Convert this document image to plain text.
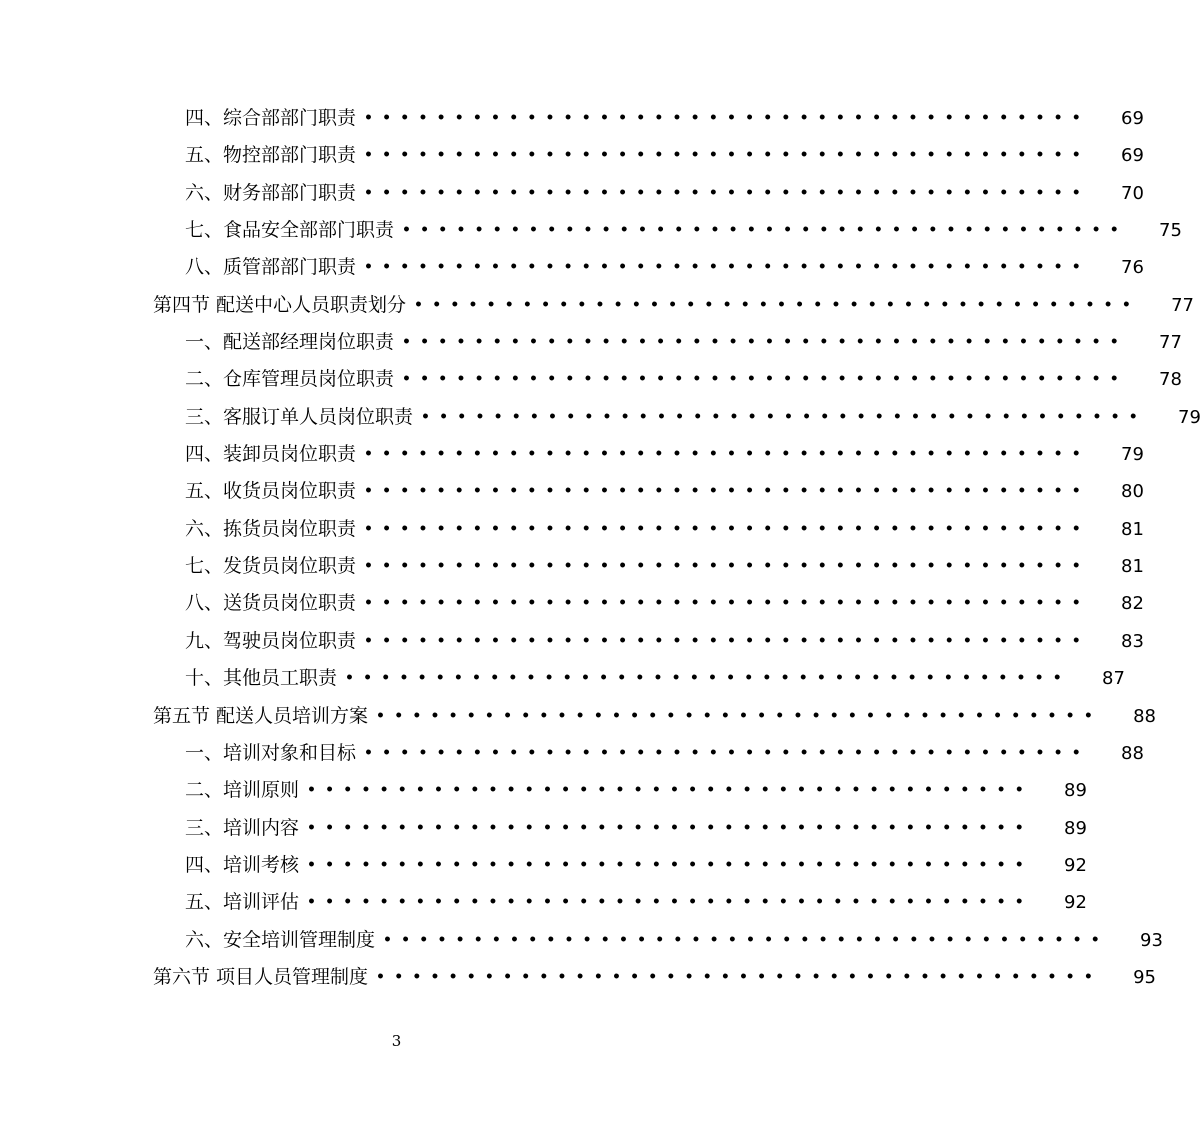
四、综合部部门职责 ••••••••••••••••••••••••••••••••••••••••	69
五、物控部部门职责 ••••••••••••••••••••••••••••••••••••••••	69
六、财务部部门职责 ••••••••••••••••••••••••••••••••••••••••	70
七、食品安全部部门职责 ••••••••••••••••••••••••••••••••••••••••	75
八、质管部部门职责 ••••••••••••••••••••••••••••••••••••••••	76
第四节 配送中心人员职责划分 ••••••••••••••••••••••••••••••••••••••••	77
一、配送部经理岗位职责 ••••••••••••••••••••••••••••••••••••••••	77
二、仓库管理员岗位职责 ••••••••••••••••••••••••••••••••••••••••	78
三、客服订单人员岗位职责 ••••••••••••••••••••••••••••••••••••••••	79
四、装卸员岗位职责 ••••••••••••••••••••••••••••••••••••••••	79
五、收货员岗位职责 ••••••••••••••••••••••••••••••••••••••••	80
六、拣货员岗位职责 ••••••••••••••••••••••••••••••••••••••••	81
七、发货员岗位职责 ••••••••••••••••••••••••••••••••••••••••	81
八、送货员岗位职责 ••••••••••••••••••••••••••••••••••••••••	82
九、驾驶员岗位职责 ••••••••••••••••••••••••••••••••••••••••	83
十、其他员工职责 ••••••••••••••••••••••••••••••••••••••••	87
第五节 配送人员培训方案 ••••••••••••••••••••••••••••••••••••••••	88
一、培训对象和目标 ••••••••••••••••••••••••••••••••••••••••	88
二、培训原则 ••••••••••••••••••••••••••••••••••••••••	89
三、培训内容 ••••••••••••••••••••••••••••••••••••••••	89
四、培训考核 ••••••••••••••••••••••••••••••••••••••••	92
五、培训评估 ••••••••••••••••••••••••••••••••••••••••	92
六、安全培训管理制度 ••••••••••••••••••••••••••••••••••••••••	93
第六节 项目人员管理制度 ••••••••••••••••••••••••••••••••••••••••	95
3
